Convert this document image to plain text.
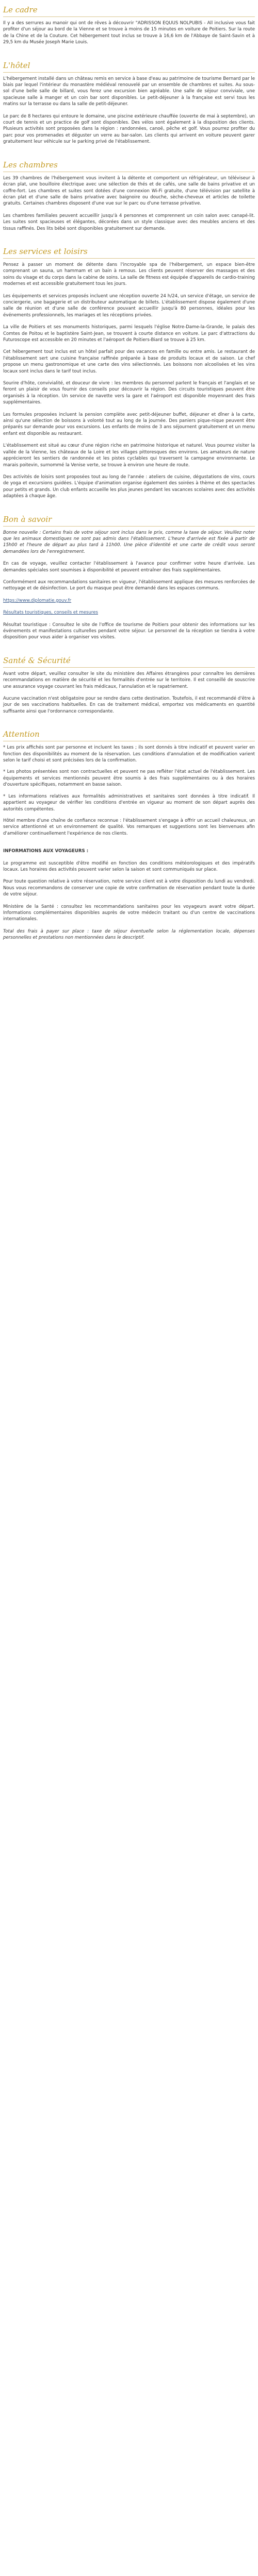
Le cadre

Il y a des serrures au manoir qui ont de rêves à découvrir "ADRISSON EQUUS NOLPUBIS - All inclusive vous fait profiter d'un séjour au bord de la Vienne et se trouve à moins de 15 minutes en voiture de Poitiers. Sur la route de la Chine et de la Couture. Cet hébergement tout inclus se trouve à 16,6 km de l'Abbaye de Saint-Savin et à 29,5 km du Musée Joseph Marie Louis.

L'hôtel

L'hébergement installé dans un château remis en service à base d'eau au patrimoine de tourisme Bernard par le biais par lequel l'intérieur du monastère médiéval renouvelé par un ensemble de chambres et suites. Au sous-sol d'une belle salle de billard, vous ferez une excursion bien agréable. Une salle de séjour conviviale, une spacieuse salle à manger et un coin bar sont disponibles. Le petit-déjeuner à la française est servi tous les matins sur la terrasse ou dans la salle de petit-déjeuner.

Le parc de 8 hectares qui entoure le domaine, une piscine extérieure chauffée (ouverte de mai à septembre), un court de tennis et un practice de golf sont disponibles. Des vélos sont également à la disposition des clients. Plusieurs activités sont proposées dans la région : randonnées, canoë, pêche et golf. Vous pourrez profiter du parc pour vos promenades et déguster un verre au bar-salon. Les clients qui arrivent en voiture peuvent garer gratuitement leur véhicule sur le parking privé de l'établissement.

Les chambres

Les 39 chambres de l'hébergement vous invitent à la détente et comportent un réfrigérateur, un téléviseur à écran plat, une bouilloire électrique avec une sélection de thés et de cafés, une salle de bains privative et un coffre-fort. Les chambres et suites sont dotées d'une connexion Wi-Fi gratuite, d'une télévision par satellite à écran plat et d'une salle de bains privative avec baignoire ou douche, sèche-cheveux et articles de toilette gratuits. Certaines chambres disposent d'une vue sur le parc ou d'une terrasse privative.

Les chambres familiales peuvent accueillir jusqu'à 4 personnes et comprennent un coin salon avec canapé-lit. Les suites sont spacieuses et élégantes, décorées dans un style classique avec des meubles anciens et des tissus raffinés. Des lits bébé sont disponibles gratuitement sur demande.

Les services et loisirs

Pensez à passer un moment de détente dans l'incroyable spa de l'hébergement, un espace bien-être comprenant un sauna, un hammam et un bain à remous. Les clients peuvent réserver des massages et des soins du visage et du corps dans la cabine de soins. La salle de fitness est équipée d'appareils de cardio-training modernes et est accessible gratuitement tous les jours.

Les équipements et services proposés incluent une réception ouverte 24 h/24, un service d'étage, un service de conciergerie, une bagagerie et un distributeur automatique de billets. L'établissement dispose également d'une salle de réunion et d'une salle de conférence pouvant accueillir jusqu'à 80 personnes, idéales pour les événements professionnels, les mariages et les réceptions privées.

La ville de Poitiers et ses monuments historiques, parmi lesquels l'église Notre-Dame-la-Grande, le palais des Comtes de Poitou et le baptistère Saint-Jean, se trouvent à courte distance en voiture. Le parc d'attractions du Futuroscope est accessible en 20 minutes et l'aéroport de Poitiers-Biard se trouve à 25 km.

Cet hébergement tout inclus est un hôtel parfait pour des vacances en famille ou entre amis. Le restaurant de l'établissement sert une cuisine française raffinée préparée à base de produits locaux et de saison. Le chef propose un menu gastronomique et une carte des vins sélectionnés. Les boissons non alcoolisées et les vins locaux sont inclus dans le tarif tout inclus.

Sourire d'hôte, convivialité, et douceur de vivre : les membres du personnel parlent le français et l'anglais et se feront un plaisir de vous fournir des conseils pour découvrir la région. Des circuits touristiques peuvent être organisés à la réception. Un service de navette vers la gare et l'aéroport est disponible moyennant des frais supplémentaires.

Les formules proposées incluent la pension complète avec petit-déjeuner buffet, déjeuner et dîner à la carte, ainsi qu'une sélection de boissons à volonté tout au long de la journée. Des paniers pique-nique peuvent être préparés sur demande pour vos excursions. Les enfants de moins de 3 ans séjournent gratuitement et un menu enfant est disponible au restaurant.

L'établissement est situé au cœur d'une région riche en patrimoine historique et naturel. Vous pourrez visiter la vallée de la Vienne, les châteaux de la Loire et les villages pittoresques des environs. Les amateurs de nature apprécieront les sentiers de randonnée et les pistes cyclables qui traversent la campagne environnante. Le marais poitevin, surnommé la Venise verte, se trouve à environ une heure de route.

Des activités de loisirs sont proposées tout au long de l'année : ateliers de cuisine, dégustations de vins, cours de yoga et excursions guidées. L'équipe d'animation organise également des soirées à thème et des spectacles pour petits et grands. Un club enfants accueille les plus jeunes pendant les vacances scolaires avec des activités adaptées à chaque âge.

Bon à savoir

Bonne nouvelle : Certains frais de votre séjour sont inclus dans le prix, comme la taxe de séjour. Veuillez noter que les animaux domestiques ne sont pas admis dans l'établissement. L'heure d'arrivée est fixée à partir de 15h00 et l'heure de départ au plus tard à 11h00. Une pièce d'identité et une carte de crédit vous seront demandées lors de l'enregistrement.

En cas de voyage, veuillez contacter l'établissement à l'avance pour confirmer votre heure d'arrivée. Les demandes spéciales sont soumises à disponibilité et peuvent entraîner des frais supplémentaires.

Conformément aux recommandations sanitaires en vigueur, l'établissement applique des mesures renforcées de nettoyage et de désinfection. Le port du masque peut être demandé dans les espaces communs.

https://www.diplomatie.gouv.fr

Résultats touristiques, conseils et mesures

Résultat touristique : Consultez le site de l'office de tourisme de Poitiers pour obtenir des informations sur les événements et manifestations culturelles pendant votre séjour. Le personnel de la réception se tiendra à votre disposition pour vous aider à organiser vos visites.

Santé & Sécurité

Avant votre départ, veuillez consulter le site du ministère des Affaires étrangères pour connaître les dernières recommandations en matière de sécurité et les formalités d'entrée sur le territoire. Il est conseillé de souscrire une assurance voyage couvrant les frais médicaux, l'annulation et le rapatriement.

Aucune vaccination n'est obligatoire pour se rendre dans cette destination. Toutefois, il est recommandé d'être à jour de ses vaccinations habituelles. En cas de traitement médical, emportez vos médicaments en quantité suffisante ainsi que l'ordonnance correspondante.

Attention

* Les prix affichés sont par personne et incluent les taxes ; ils sont donnés à titre indicatif et peuvent varier en fonction des disponibilités au moment de la réservation. Les conditions d'annulation et de modification varient selon le tarif choisi et sont précisées lors de la confirmation.

* Les photos présentées sont non contractuelles et peuvent ne pas refléter l'état actuel de l'établissement. Les équipements et services mentionnés peuvent être soumis à des frais supplémentaires ou à des horaires d'ouverture spécifiques, notamment en basse saison.

* Les informations relatives aux formalités administratives et sanitaires sont données à titre indicatif. Il appartient au voyageur de vérifier les conditions d'entrée en vigueur au moment de son départ auprès des autorités compétentes.

Hôtel membre d'une chaîne de confiance reconnue : l'établissement s'engage à offrir un accueil chaleureux, un service attentionné et un environnement de qualité. Vos remarques et suggestions sont les bienvenues afin d'améliorer continuellement l'expérience de nos clients.

INFORMATIONS AUX VOYAGEURS :

Le programme est susceptible d'être modifié en fonction des conditions météorologiques et des impératifs locaux. Les horaires des activités peuvent varier selon la saison et sont communiqués sur place.

Pour toute question relative à votre réservation, notre service client est à votre disposition du lundi au vendredi. Nous vous recommandons de conserver une copie de votre confirmation de réservation pendant toute la durée de votre séjour.

Ministère de la Santé : consultez les recommandations sanitaires pour les voyageurs avant votre départ. Informations complémentaires disponibles auprès de votre médecin traitant ou d'un centre de vaccinations internationales.

Total des frais à payer sur place : taxe de séjour éventuelle selon la réglementation locale, dépenses personnelles et prestations non mentionnées dans le descriptif.
